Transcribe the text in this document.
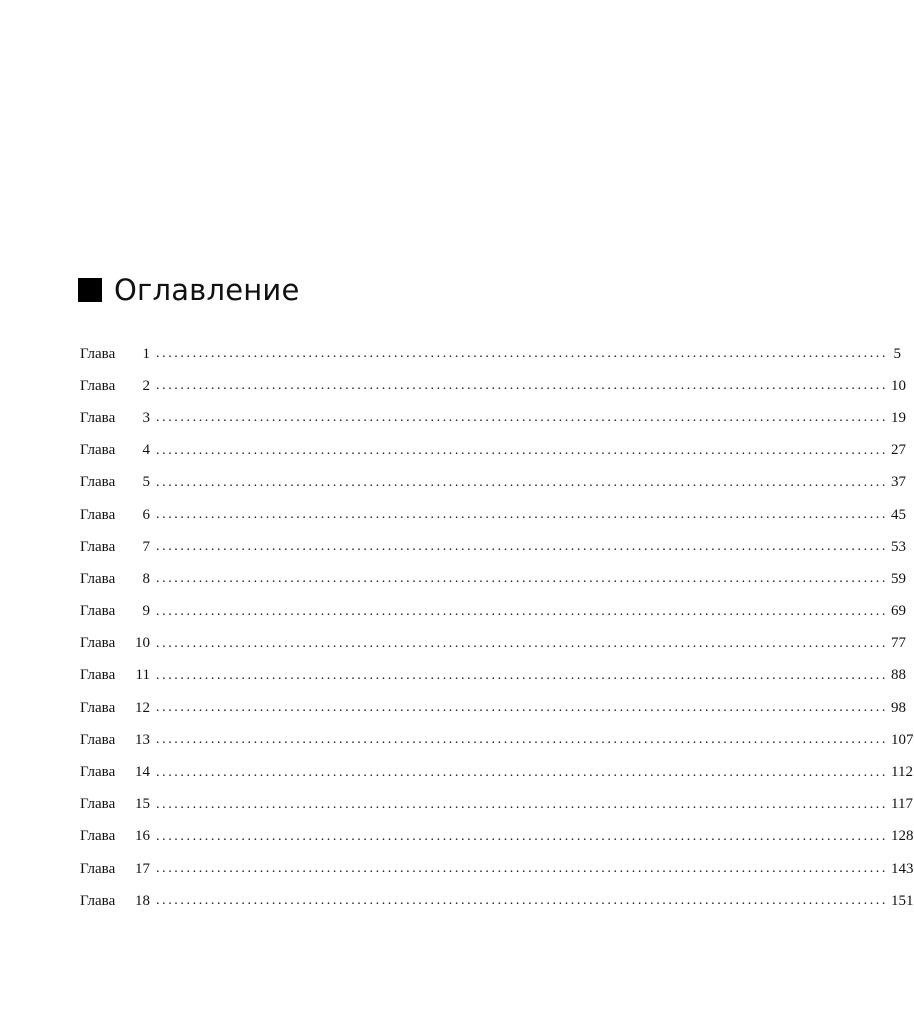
Оглавление
Глава	1 ........................................................................................................................ 5
Глава	2 ........................................................................................................................ 10
Глава	3 ........................................................................................................................ 19
Глава	4 ........................................................................................................................ 27
Глава	5 ........................................................................................................................ 37
Глава	6 ........................................................................................................................ 45
Глава	7 ........................................................................................................................ 53
Глава	8 ........................................................................................................................ 59
Глава	9 ........................................................................................................................ 69
Глава	10 ........................................................................................................................ 77
Глава	11 ........................................................................................................................ 88
Глава	12 ........................................................................................................................ 98
Глава	13 ........................................................................................................................ 107
Глава	14 ........................................................................................................................ 112
Глава	15 ........................................................................................................................ 117
Глава	16 ........................................................................................................................ 128
Глава	17 ........................................................................................................................ 143
Глава	18 ........................................................................................................................ 151
